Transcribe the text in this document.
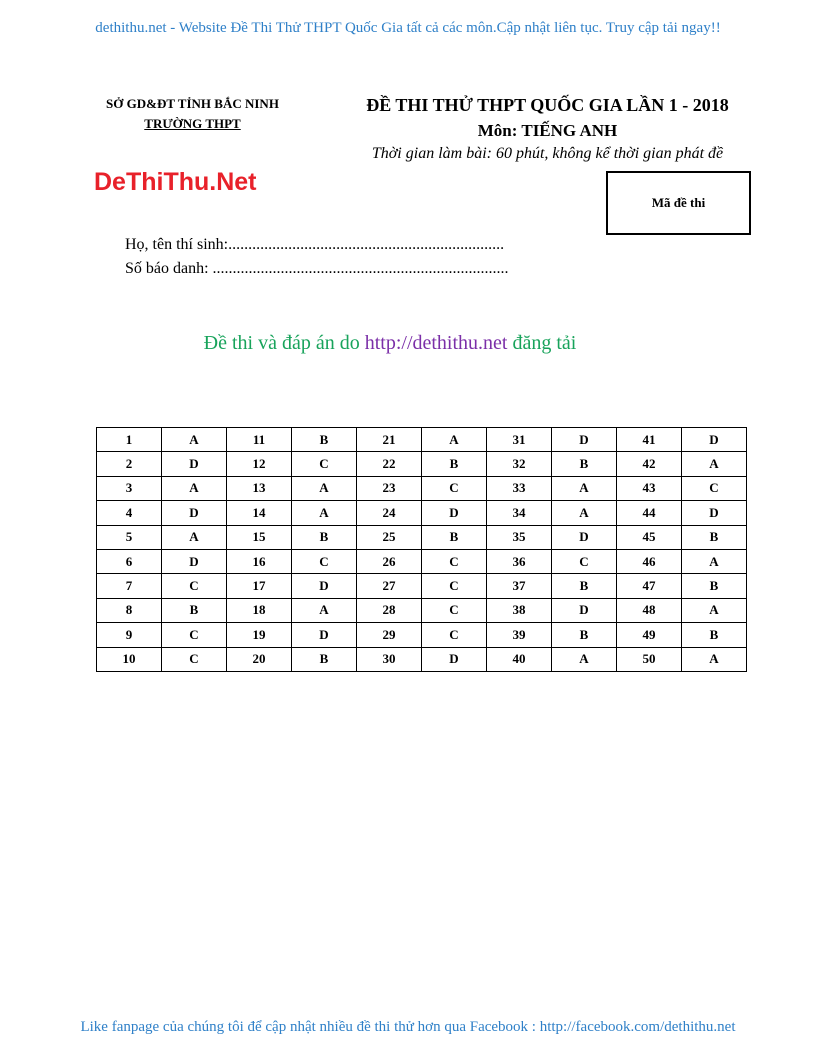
dethithu.net - Website Đề Thi Thử THPT Quốc Gia tất cả các môn.Cập nhật liên tục. Truy cập tải ngay!!
SỞ GD&ĐT TỈNH BẮC NINH
TRƯỜNG THPT
ĐỀ THI THỬ THPT QUỐC GIA LẦN 1 - 2018
Môn: TIẾNG ANH
Thời gian làm bài: 60 phút, không kể thời gian phát đề
DeThiThu.Net
Mã đề thi
Họ, tên thí sinh:.....................................................................
Số báo danh: ..........................................................................
Đề thi và đáp án do http://dethithu.net đăng tải
1	A	11	B	21	A	31	D	41	D
2	D	12	C	22	B	32	B	42	A
3	A	13	A	23	C	33	A	43	C
4	D	14	A	24	D	34	A	44	D
5	A	15	B	25	B	35	D	45	B
6	D	16	C	26	C	36	C	46	A
7	C	17	D	27	C	37	B	47	B
8	B	18	A	28	C	38	D	48	A
9	C	19	D	29	C	39	B	49	B
10	C	20	B	30	D	40	A	50	A
Like fanpage của chúng tôi để cập nhật nhiều đề thi thử hơn qua Facebook : http://facebook.com/dethithu.net
